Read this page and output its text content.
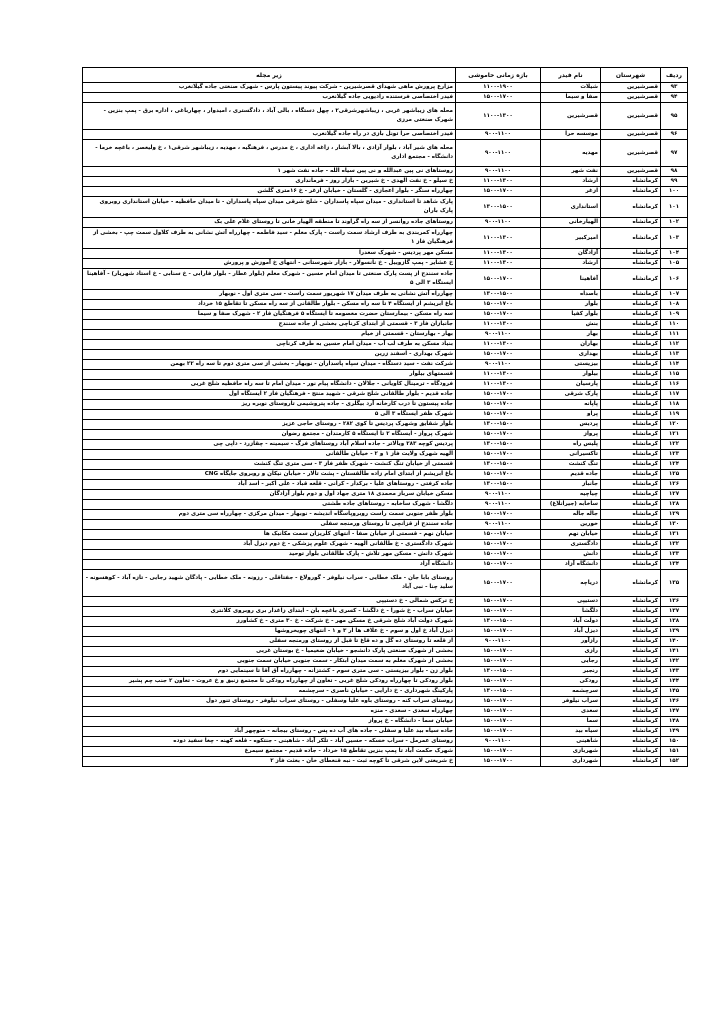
ردیف	شهرستان	نام فیدر	بازه زمانی خاموشی	زیر مجله
۹۳	قصرشیرین	شیلات	۱۱۰۰-۱۹۰۰	مزارع پرورش ماهی شهدای قصرشیرین - شرکت پیوند پیستون پارس - شهرک صنعتی جاده گیلانغرب
۹۴	قصرشیرین	صفا و سیما	۱۵۰۰-۱۷۰۰	فیدر اختصاصی فرستنده رادیویی جاده گیلانغرب
۹۵	قصرشیرین	قصرشیرین	۱۱۰۰-۱۳۰۰	محله های زیباشهر غربی ، زیباشهرشرقی۲ ، چهل دستگاه ، بالی آباد ، دادگستری ، امیدوار ، چهارباغی ، اداره برق - پمپ بنزین - شهرک صنعتی مرزی
۹۶	قصرشیرین	موسسه حرا	۹۰۰-۱۱۰۰	فیدر اختصاصی حرا تونل بازی در راه جاده گیلانغرب
۹۷	قصرشیرین	مهدیه	۹۰۰-۱۱۰۰	محله های شیر آباد ، بلوار آزادی ، بالا آبشار ، زاغه اداری ، خ مدرس ، فرهنگیه ، مهدیه ، زیباشهر شرقی۱ ، خ ولیعصر ، باغچه خرما - دانشگاه - مجتمع اداری
۹۸	قصرشیرین	نفت شهر	۹۰۰-۱۱۰۰	روستاهای نی پین عبدالله و نی پین سیاه الله - جاده نفت شهر ۱
۹۹	کرمانشاه	ارشاد	۱۱۰۰-۱۳۰۰	خ سیلو - خ نفت الهدی - خ شیرین - بازار روز - فرمانداری
۱۰۰	کرمانشاه	ازغر	۱۵۰۰-۱۷۰۰	چهارراه سنگر - بلوار اعجازی - گلستان - خیابان ازغر - خ ۱۶متری گلشن
۱۰۱	کرمانشاه	استانداری	۱۳۰۰-۱۵۰۰	پارک شاهد تا استانداری - میدان سپاه پاسداران - شلح شرقی میدان سپاه پاسداران - تا میدان حافظیه - خیابان استانداری روبروی پارک باران
۱۰۲	کرمانشاه	الهیارخانی	۹۰۰-۱۱۰۰	روستاهای جاده روانسر از سه راه گراوند تا منطقه الهیار خانی تا روستای غلام علی بک
۱۰۳	کرمانشاه	امیرکبیر	۱۱۰۰-۱۳۰۰	چهارراه کمربندی به طرف ارشاد سمت راست - پارک معلم - سید فاطمه - چهارراه آتش نشانی به طرف کلاول سمت چپ - بخشی از فرهنگیان فاز ۱
۱۰۴	کرمانشاه	آزادگان	۱۱۰۰-۱۳۰۰	مسکن مهر پردیس - شهرک سعدرا
۱۰۵	کرمانشاه	ارشاد	۱۱۰۰-۱۳۰۰	خ عشایر - پمپ گازوییل - خ نانسولار - بازار شهرستانی - انتهای خ آموزش و پرورش
۱۰۶	کرمانشاه	آفاهینا	۱۵۰۰-۱۷۰۰	جاده سنندج از پست پارک صنعتی تا میدان امام حسین - شهرک معلم (بلوار عطار - بلوار فارابی - خ سنابی - خ استاد شهریار) - آفاهینا ایستگاه ۳ الی ۵
۱۰۷	کرمانشاه	باصداه	۱۳۰۰-۱۵۰۰	چهارراه آتش نشانی به طرف میدان ۱۷ شهریور سمت راست - سی متری اول - نوبهار
۱۰۸	کرمانشاه	بلوار	۱۵۰۰-۱۷۰۰	باغ ابریشم از ایستگاه ۴ تا سه راه مسکن - بلوار طالقانی از سه راه مسکن تا تقاطع ۱۵ خرداد
۱۰۹	کرمانشاه	بلوار کفیا	۱۵۰۰-۱۷۰۰	سه راه مسکن - بیمارستان حضرت معصومه تا ایستگاه ۵ فرهنگیان فاز ۲ - شهرک صفا و سیما
۱۱۰	کرمانشاه	بنش	۱۱۰۰-۱۳۰۰	جانبازان فاز ۳ - قسمتی از ابتدای کرناچی بخشی از جاده سنندج
۱۱۱	کرمانشاه	بهار	۹۰۰-۱۱۰۰	بهار - بهارستان - قسمتی از خیام
۱۱۲	کرمانشاه	بهاران	۱۱۰۰-۱۳۰۰	بنیاد مسکن به طرف لب آب - میدان امام حسین به طرف کرناچی
۱۱۳	کرمانشاه	بهداری	۱۵۰۰-۱۷۰۰	شهرک بهداری - اسفند زرین
۱۱۴	کرمانشاه	بیزیستی	۹۰۰-۱۱۰۰	شرکت نفت - سید دستگاه - میدان سپاه پاسداران - نوبهار - بخشی از سی متری دوم تا سه راه ۲۲ بهمن
۱۱۵	کرمانشاه	بیلوار	۱۱۰۰-۱۳۰۰	قسمتهای بیلوار
۱۱۶	کرمانشاه	پارسیان	۱۱۰۰-۱۳۰۰	فرودگاه - ترمینال کاویانی - جلالان - دانشگاه پیام نور - میدان امام تا سه راه حافظیه شلح غربی
۱۱۷	کرمانشاه	پارک شرقی	۱۵۰۰-۱۷۰۰	جاده قدیم - بلوار طالقانی شلح شرقی - شهید منتج - فرهنگیان فاز ۲ ایستگاه اول
۱۱۸	کرمانشاه	پاپانه	۱۵۰۰-۱۷۰۰	جاده پیستون تا درب کارخانه آرد بیگلری - جاده پتروشیمی تاروستای نوبره ریز
۱۱۹	کرمانشاه	پراو	۱۵۰۰-۱۷۰۰	شهرک ظفر ایستگاه ۳ الی ۵
۱۲۰	کرمانشاه	پردیس	۱۳۰۰-۱۵۰۰	بلوار شقایق وشهرک پردیس تا کوی ۲۸۲ - روستای حاجی عزیز
۱۲۱	کرمانشاه	پرواز	۱۵۰۰-۱۷۰۰	شهرک پرواز - ایستگاه ۲ تا ایستگاه ۵ کارمندان - مجتمع رضوان
۱۲۲	کرمانشاه	پلیس راه	۱۳۰۰-۱۵۰۰	پردیس کوچه ۲۸۳ وبالاتر - جاده اسلام آباد روستاهای فرگ - سیمینه - چقازرد - داپی چی
۱۲۳	کرمانشاه	تاکسیرانی	۱۵۰۰-۱۷۰۰	الهیه شهرک ولایت فاز ۱ و ۲ - خیابان طالقانی
۱۲۴	کرمانشاه	تنگ کنشت	۱۳۰۰-۱۵۰۰	قسمتی از خیابان تنگ کنشت - شهرک ظفر فاز ۳ - سی متری تنگ کنشت
۱۲۵	کرمانشاه	جاده قدیم	۱۵۰۰-۱۷۰۰	باغ ابریشم از ابتدای امام زاده طالقستان - پشت تالار - خیابان نیکان و روبروی جایگاه CNG
۱۲۶	کرمانشاه	جانباز	۱۳۰۰-۱۵۰۰	جاده کرفتی - روستاهای علیا - برکدار - کرانی - قلعه قباد - علی اکبر - اسد آباد
۱۲۷	کرمانشاه	چیاچیه	۹۰۰-۱۱۰۰	مسکن خیابان سرباز محمدی ۱۸ متری جهاد اول و دوم بلوار آزادگان
۱۲۸	کرمانشاه	ساخابه (جیرانلاغ)	۹۰۰-۱۱۰۰	دلگشا - شهرک ساخابه - روستاهای جاده طشتی
۱۲۹	کرمانشاه	جاله جاله	۱۵۰۰-۱۷۰۰	بلوار ظفر جنوبی سمت راست روبروپاسگاه اندیشه - نوبهار - میدان مرکزی - چهارراه سی متری دوم
۱۳۰	کرمانشاه	خورین	۹۰۰-۱۱۰۰	جاده سنندج از قزانچی تا روستای ورمنجه سفلی
۱۳۱	کرمانشاه	خیابان نهم	۱۵۰۰-۱۷۰۰	خیابان نهم - قسمتی از خیابان صفا - انتهای کلریزان سمت مکانیک ها
۱۳۲	کرمانشاه	دادگستری	۱۵۰۰-۱۷۰۰	شهرک دادگستری - خ طالقانی الهیه - شهرک علوم پزشکی - خ دوم دیزل آباد
۱۳۳	کرمانشاه	دانش	۱۵۰۰-۱۷۰۰	شهرک دانش - مسکن مهر تلاش - پارک طالقانی بلوار توحید
۱۳۴	کرمانشاه	دانشگاه آزاد	۱۵۰۰-۱۷۰۰	دانشگاه آزاد
۱۳۵	کرمانشاه	دریاچه	۱۵۰۰-۱۷۰۰	روستای بابا جان - ملک خطایی - سراب نیلوفر - گورولاغ - جفتاقلی - رزونه - ملک خطایی - پادگان شهید رجایی - تازه آباد - کوهسونه - سلید چنا - نبی آباد
۱۳۶	کرمانشاه	دستیپی	۱۵۰۰-۱۷۰۰	خ ترکس شمالی - خ دستیپی
۱۳۷	کرمانشاه	دلگشا	۱۵۰۰-۱۷۰۰	خیابان سراب - خ شورا - خ دلگشا - کسری باغچه بان - ابتدای زاغدار بری روبروی کلانتری
۱۳۸	کرمانشاه	دولت آباد	۱۳۰۰-۱۵۰۰	شهرک دولت آباد شلح شرقی خ مسکن مهر - خ شرکت - خ ۳۰ متری - خ کشاورز
۱۳۹	کرمانشاه	دیزل آباد	۱۵۰۰-۱۷۰۰	دیزل آباد خ اول و سوم - خ علاف ها ار ۳ و ۱ - انتهای چویخروشها
۱۴۰	کرمانشاه	رازآور	۹۰۰-۱۱۰۰	از قلعه تا روستای ده گل و ده قاغ تا قبل از روستای ورمنجه سفلی
۱۴۱	کرمانشاه	رازی	۱۵۰۰-۱۷۰۰	بخشی از شهرک صنعتی پارک دانشجو - خیابان ضعیمیا - خ بوستان غربی
۱۴۲	کرمانشاه	رجایی	۱۵۰۰-۱۷۰۰	بخشی از شهرک معلم به سمت میدان ابتکار - سمت جنوبی خیابان سمت جنوبی
۱۴۳	کرمانشاه	رنجبر	۱۳۰۰-۱۵۰۰	بلوار زن - بلوار بیزیستی - سی متری سوم - کشتزانه - چهارراه آق آقا تا سینمایی دوم
۱۴۴	کرمانشاه	رودکی	۱۵۰۰-۱۷۰۰	بلوار رودکی تا چهارراه رودکی شلح غربی - تعاون از چهارراه رودکی تا مجتمع زنبق و خ عروت - تعاون ۲ جنب چم پشیر
۱۴۵	کرمانشاه	سرچشمه	۱۳۰۰-۱۵۰۰	پارکینگ شهرداری - خ دارایی - خیابان ناصری - سرچشمه
۱۴۶	کرمانشاه	سراب نیلوفر	۱۵۰۰-۱۷۰۰	روستای سراب کنه - روستای باوه علیا وسفلی - روستای سراب نیلوفر - روستای تنور دول
۱۴۷	کرمانشاه	سعدی	۱۵۰۰-۱۷۰۰	چهارراه سعدی - سعدی - منزه
۱۴۸	کرمانشاه	سما	۱۵۰۰-۱۷۰۰	خیابان سما - دانشگاه - خ پرواز
۱۴۹	کرمانشاه	سیاه بید	۱۵۰۰-۱۷۰۰	جاده سیاه بید علیا و سفلی - جاده های آب ده پس - روستای بیجانه - منوچهر آباد
۱۵۰	کرمانشاه	شاهینی	۹۰۰-۱۱۰۰	روستای عمرمل - سراب خسکه - حسین آباد - تلکر آباد - شاهینی - جنتکوه - قلعه کهنه - چغا سفید دوده
۱۵۱	کرمانشاه	شهربازی	۱۵۰۰-۱۷۰۰	شهرک حکمت آباد تا پمپ بنزین تقاطع ۱۵ خرداد - جاده قدیم - مجتمع سیمرغ
۱۵۲	کرمانشاه	شهرداری	۱۵۰۰-۱۷۰۰	خ شریعتی لاین شرقی تا کوچه ثبت - نبه قنعطای خان - بعثت فاز ۲
